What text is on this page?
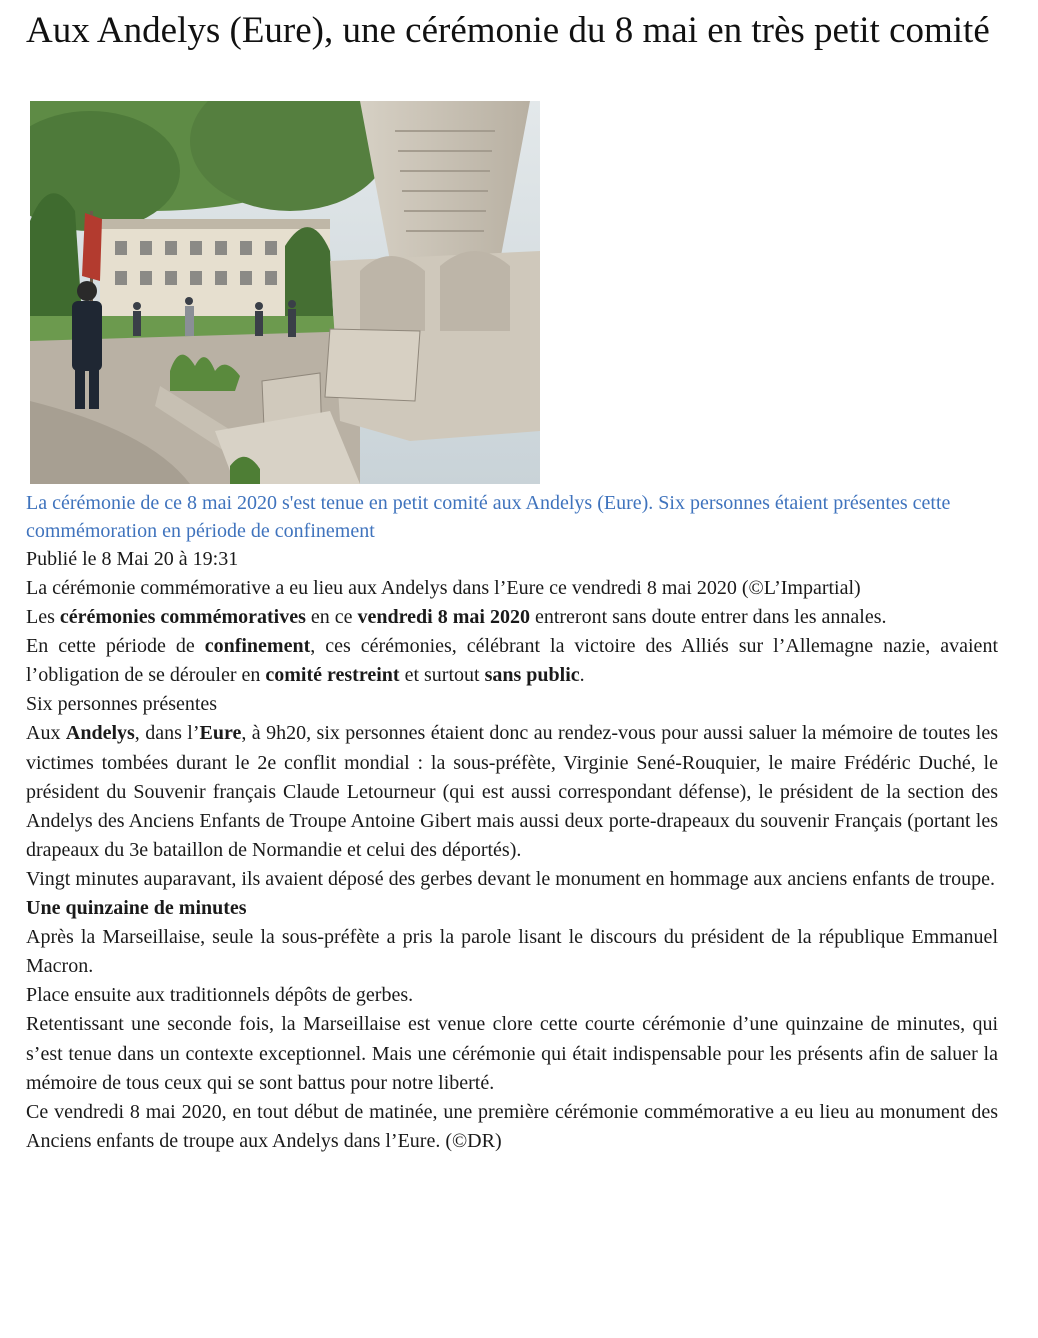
Aux Andelys (Eure), une cérémonie du 8 mai en très petit comité

La cérémonie de ce 8 mai 2020 s'est tenue en petit comité aux Andelys (Eure). Six personnes étaient présentes cette commémoration en période de confinement

Publié le 8 Mai 20 à 19:31

La cérémonie commémorative a eu lieu aux Andelys dans l’Eure ce vendredi 8 mai 2020 (©L’Impartial)

Les cérémonies commémoratives en ce vendredi 8 mai 2020 entreront sans doute entrer dans les annales.

En cette période de confinement, ces cérémonies, célébrant la victoire des Alliés sur l’Allemagne nazie, avaient l’obligation de se dérouler en comité restreint et surtout sans public.

Six personnes présentes

Aux Andelys, dans l’Eure, à 9h20, six personnes étaient donc au rendez-vous pour aussi saluer la mémoire de toutes les victimes tombées durant le 2e conflit mondial : la sous-préfète, Virginie Sené-Rouquier, le maire Frédéric Duché, le président du Souvenir français Claude Letourneur (qui est aussi correspondant défense), le président de la section des Andelys des Anciens Enfants de Troupe Antoine Gibert mais aussi deux porte-drapeaux du souvenir Français (portant les drapeaux du 3e bataillon de Normandie et celui des déportés).

Vingt minutes auparavant, ils avaient déposé des gerbes devant le monument en hommage aux anciens enfants de troupe.

Une quinzaine de minutes

Après la Marseillaise, seule la sous-préfète a pris la parole lisant le discours du président de la république Emmanuel Macron.

Place ensuite aux traditionnels dépôts de gerbes.

Retentissant une seconde fois, la Marseillaise est venue clore cette courte cérémonie d’une quinzaine de minutes, qui s’est tenue dans un contexte exceptionnel. Mais une cérémonie qui était indispensable pour les présents afin de saluer la mémoire de tous ceux qui se sont battus pour notre liberté.

Ce vendredi 8 mai 2020, en tout début de matinée, une première cérémonie commémorative a eu lieu au monument des Anciens enfants de troupe aux Andelys dans l’Eure. (©DR)
